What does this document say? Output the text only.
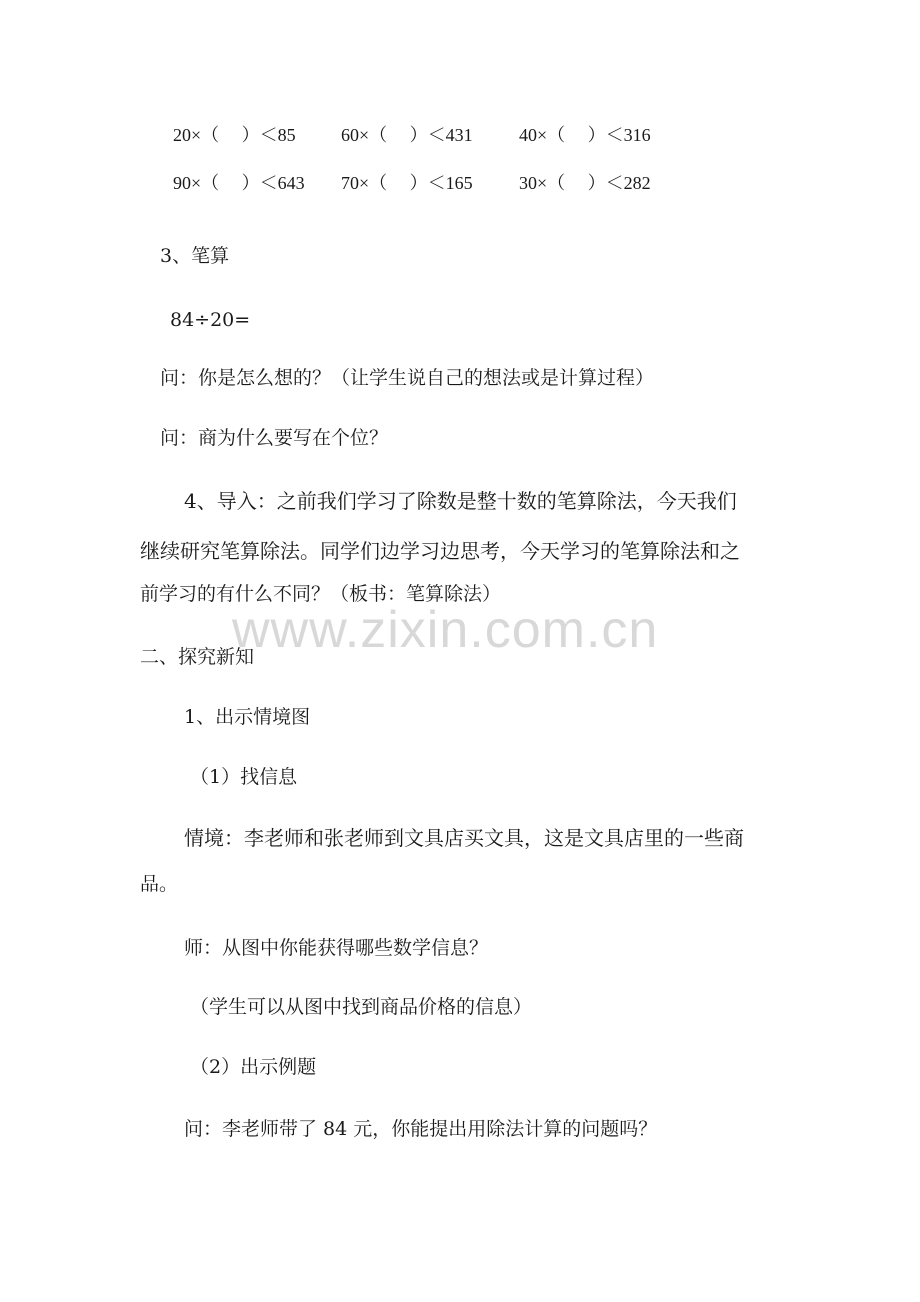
www.zixin.com.cn
20×（　 ）＜85	60×（　 ）＜431	40×（　 ）＜316
90×（　 ）＜643 70×（　 ）＜165	30×（　 ）＜282
3、笔算
84÷20=
问：你是怎么想的？（让学生说自己的想法或是计算过程）
问：商为什么要写在个位？
4、导入：之前我们学习了除数是整十数的笔算除法，今天我们
继续研究笔算除法。同学们边学习边思考，今天学习的笔算除法和之
前学习的有什么不同？（板书：笔算除法）
二、探究新知
1、出示情境图
（1）找信息
情境：李老师和张老师到文具店买文具，这是文具店里的一些商
品。
师：从图中你能获得哪些数学信息？
（学生可以从图中找到商品价格的信息）
（2）出示例题
问：李老师带了 84 元，你能提出用除法计算的问题吗？
